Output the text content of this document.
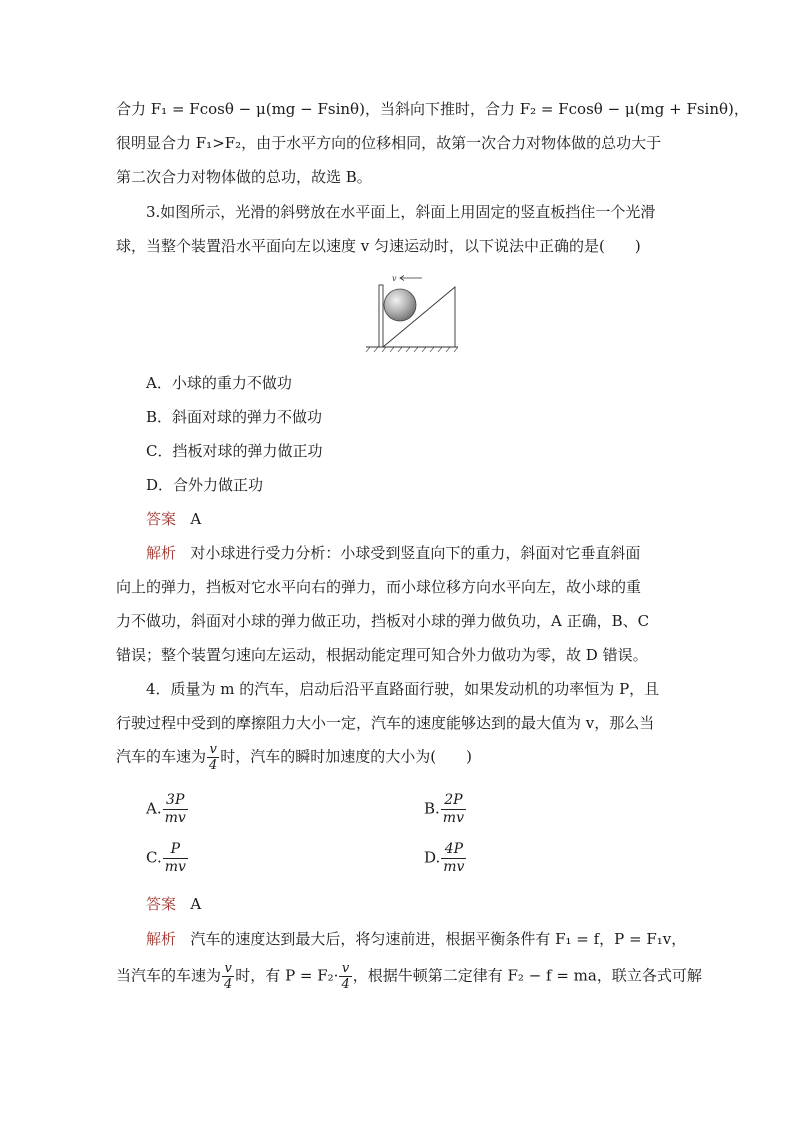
合力 F₁ = Fcosθ − μ(mg − Fsinθ)，当斜向下推时，合力 F₂ = Fcosθ − μ(mg + Fsinθ)，
很明显合力 F₁>F₂，由于水平方向的位移相同，故第一次合力对物体做的总功大于
第二次合力对物体做的总功，故选 B。
3.如图所示，光滑的斜劈放在水平面上，斜面上用固定的竖直板挡住一个光滑
球，当整个装置沿水平面向左以速度 v 匀速运动时，以下说法中正确的是(　　)
v
A．小球的重力不做功
B．斜面对球的弹力不做功
C．挡板对球的弹力做正功
D．合外力做正功
答案 A
解析 对小球进行受力分析：小球受到竖直向下的重力，斜面对它垂直斜面
向上的弹力，挡板对它水平向右的弹力，而小球位移方向水平向左，故小球的重
力不做功，斜面对小球的弹力做正功，挡板对小球的弹力做负功，A 正确，B、C
错误；整个装置匀速向左运动，根据动能定理可知合外力做功为零，故 D 错误。
4．质量为 m 的汽车，启动后沿平直路面行驶，如果发动机的功率恒为 P，且
行驶过程中受到的摩擦阻力大小一定，汽车的速度能够达到的最大值为 v，那么当
汽车的车速为 $\frac{v}{4}$ 时，汽车的瞬时加速度的大小为(　　)
A. $\frac{3P}{mv}$	B. $\frac{2P}{mv}$
C. $\frac{P}{mv}$	D. $\frac{4P}{mv}$
答案 A
解析 汽车的速度达到最大后，将匀速前进，根据平衡条件有 F₁ = f，P = F₁v，
当汽车的车速为 $\frac{v}{4}$ 时，有 $P = F_2\cdot \frac{v}{4}$ ，根据牛顿第二定律有 F₂ − f = ma，联立各式可解
